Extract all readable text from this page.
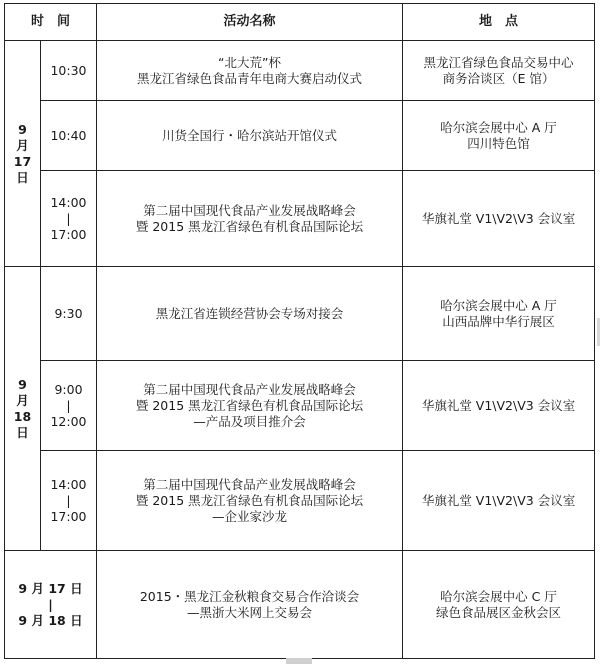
时　间		活动名称	地　点

9
月
17
日	10:30	“北大荒”杯
黑龙江省绿色食品青年电商大赛启动仪式	黑龙江省绿色食品交易中心
商务洽谈区（E 馆）

	10:40	川货全国行・哈尔滨站开馆仪式	哈尔滨会展中心 A 厅
四川特色馆

	14:00
|
17:00	第二届中国现代食品产业发展战略峰会
暨 2015 黑龙江省绿色有机食品国际论坛	华旗礼堂 V1\V2\V3 会议室

9
月
18
日	9:30	黑龙江省连锁经营协会专场对接会	哈尔滨会展中心 A 厅
山西品牌中华行展区

	9:00
|
12:00	第二届中国现代食品产业发展战略峰会
暨 2015 黑龙江省绿色有机食品国际论坛
—产品及项目推介会	华旗礼堂 V1\V2\V3 会议室

	14:00
|
17:00	第二届中国现代食品产业发展战略峰会
暨 2015 黑龙江省绿色有机食品国际论坛
—企业家沙龙	华旗礼堂 V1\V2\V3 会议室

9 月 17 日
|
9 月 18 日		2015・黑龙江金秋粮食交易合作洽谈会
—黑浙大米网上交易会	哈尔滨会展中心 C 厅
绿色食品展区金秋会区
